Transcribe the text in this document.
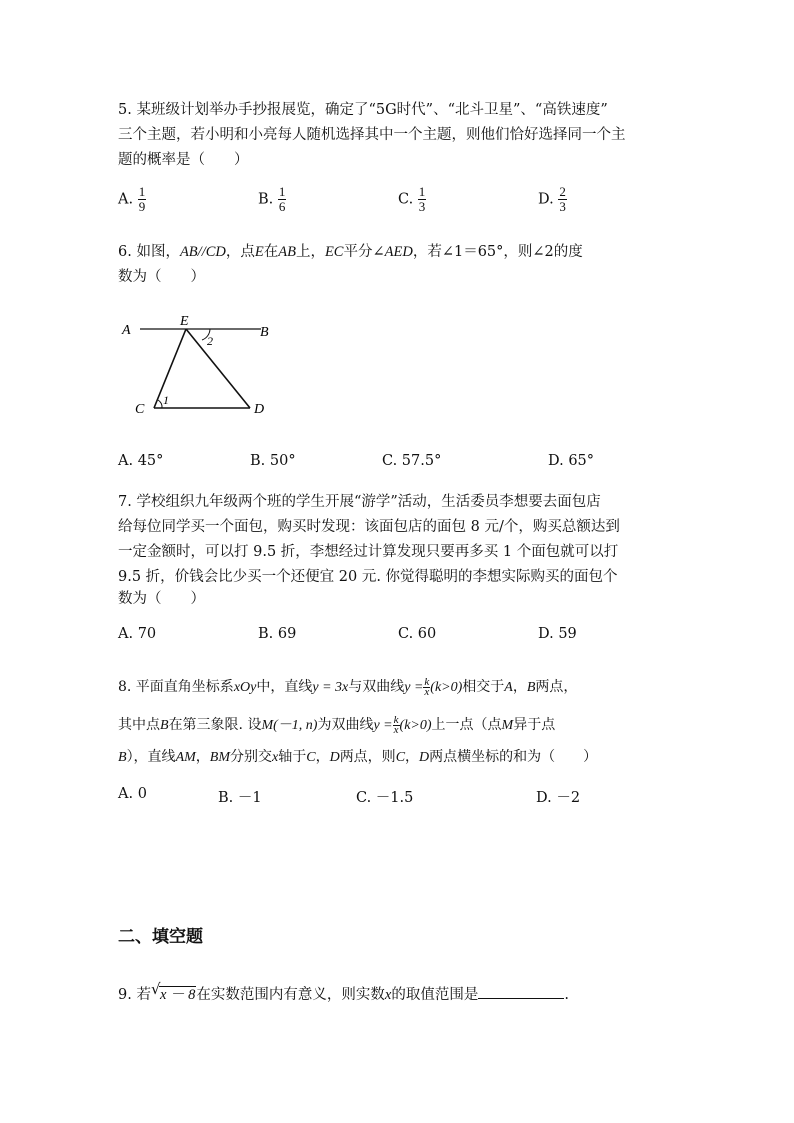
5. 某班级计划举办手抄报展览，确定了“5G时代”、“北斗卫星”、“高铁速度”
三个主题，若小明和小亮每人随机选择其中一个主题，则他们恰好选择同一个主
题的概率是（　　）
A. $\frac{1}{9}$	B. $\frac{1}{6}$	C. $\frac{1}{3}$	D. $\frac{2}{3}$
6. 如图，AB//CD，点E在AB上，EC平分∠AED，若∠1＝65°，则∠2的度
数为（　　）
A
E
B
C	D
1
2
A. 45°	B. 50°	C. 57.5°	D. 65°
7. 学校组织九年级两个班的学生开展“游学”活动，生活委员李想要去面包店
给每位同学买一个面包，购买时发现：该面包店的面包 8 元/个，购买总额达到
一定金额时，可以打 9.5 折，李想经过计算发现只要再多买 1 个面包就可以打
9.5 折，价钱会比少买一个还便宜 20 元. 你觉得聪明的李想实际购买的面包个
数为（　　）
A. 70	B. 69	C. 60	D. 59
8. 平面直角坐标系xOy中，直线y = 3x与双曲线$y = \frac{k}{x} (k>0)$相交于A，B两点，
其中点B在第三象限. 设M(－1, n)为双曲线$y = \frac{k}{x} (k>0)$上一点（点M异于点
B），直线AM，BM分别交x轴于C，D两点，则C，D两点横坐标的和为（　　）
A. 0	B. －1	C. －1.5	D. －2
二、填空题
9. 若 √ x － 8在实数范围内有意义，则实数x的取值范围是	.
